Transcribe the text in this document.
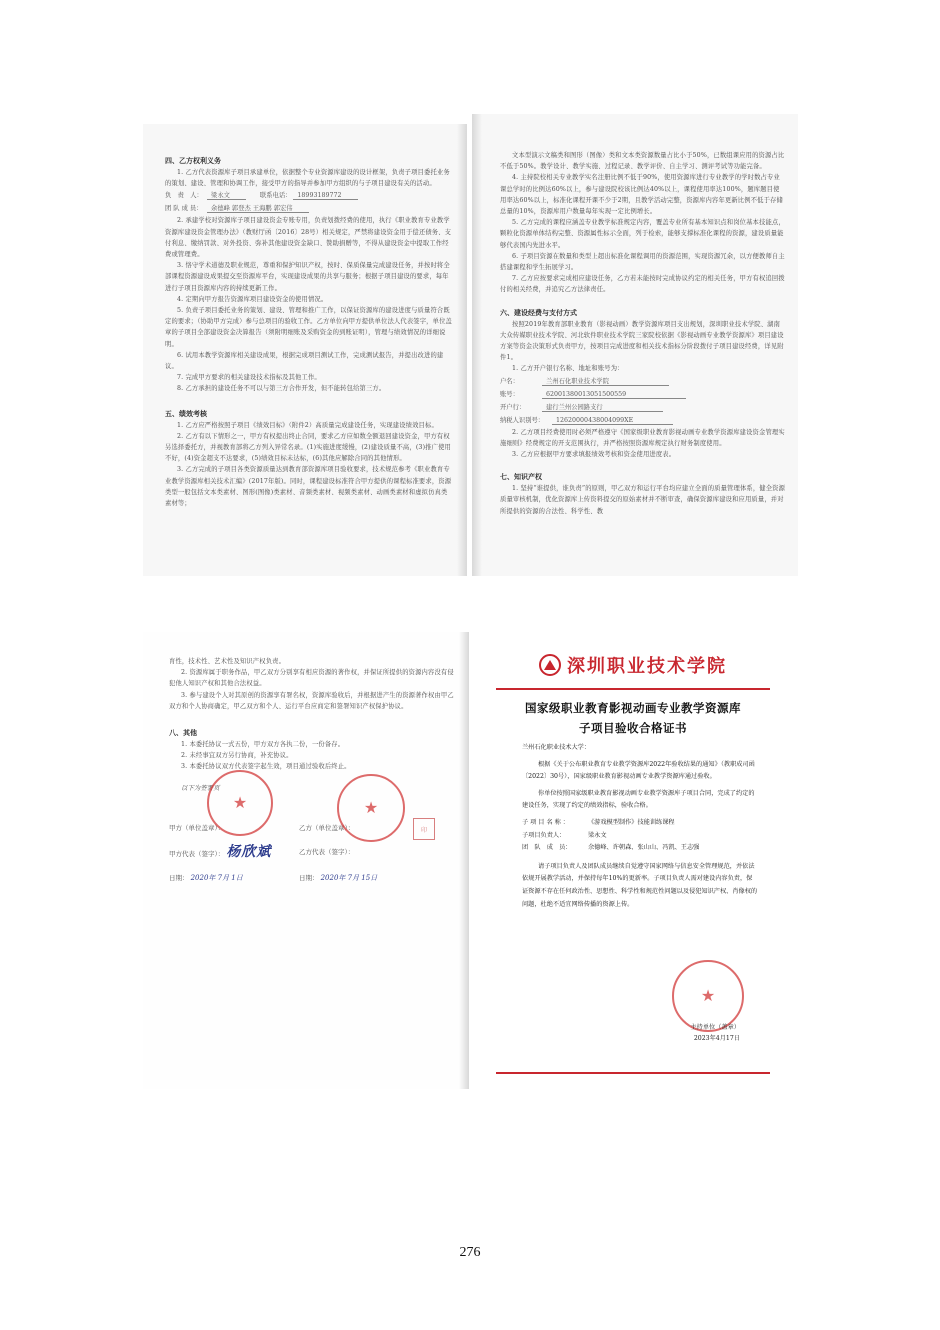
四、乙方权利义务
1. 乙方代表资源库子项目承建单位，依据整个专业资源库建设的设计框架，负责子项目委托业务的策划、建设、管理和协调工作，接受甲方的指导并参加甲方组织的与子项目建设有关的活动。
负　责　人： 梁永文	联系电话： 18993189772
团 队 成 员： 余德峰 郭登杰 王海鹏 郭宏伟
2. 承建学校对资源库子项目建设资金专账专用，负责划拨经费的使用，执行《职业教育专业教学资源库建设资金管理办法》（教财厅函〔2016〕28号）相关规定，严禁将建设资金用于偿还债务、支付利息、缴纳罚款、对外投资、弥补其他建设资金缺口、赞助捐赠等，不得从建设资金中提取工作经费或管理费。
3. 恪守学术道德及职业规范，尊重和保护知识产权，按时、保质保量完成建设任务，并按时将全部课程资源建设成果提交至资源库平台，实现建设成果的共享与服务；根据子项目建设的要求，每年进行子项目资源库内容的持续更新工作。
4. 定期向甲方报告资源库项目建设资金的使用情况。
5. 负责子项目委托业务的策划、建设、管理和推广工作，以保证资源库的建设进度与质量符合既定的要求；（协助甲方完成）参与总项目的验收工作。乙方单位向甲方提供单位法人代表签字，单位盖章的子项目全部建设资金决算报告（须附明细账及采购资金的到账证明），管理与绩效情况的详细说明。
6. 试用本教学资源库相关建设成果，根据完成项目测试工作，完成测试报告，并提出改进的建议。
7. 完成甲方要求的相关建设技术指标及其他工作。
8. 乙方承担的建设任务不可以与第三方合作开发，但不能转包给第三方。
五、绩效考核
1. 乙方应严格按照子项目《绩效目标》（附件2）高质量完成建设任务，实现建设绩效目标。
2. 乙方有以下情形之一，甲方有权提出终止合同，要求乙方应如数全额退回建设资金，甲方有权另选择委托方，并视教育部将乙方列入异常名录。(1)实施进度缓慢，(2)建设质量不高，(3)推广使用不好，(4)资金超支不达要求，(5)绩效目标未达标，(6)其他应解除合同的其他情形。
3. 乙方完成的子项目各类资源质量达到教育部资源库项目验收要求，技术规范参考《职业教育专业教学资源库相关技术汇编》(2017年版)。同时，课程建设标准符合甲方提供的课程标准要求，资源类型一般包括文本类素材、图形(图像)类素材、音频类素材、视频类素材、动画类素材和虚拟仿真类素材等；
文本型演示文稿类和图形（图像）类和文本类资源数量占比小于50%，已数组课应用的资源占比不低于50%。教学设计、教学实施、过程记录、教学评价、自主学习、测评考试等功能完备。
4. 主持院校相关专业教学实名注册比例不低于90%，使用资源库进行专业教学的学时数占专业课总学时的比例达60%以上，参与建设院校该比例达40%以上，课程使用率达100%，题库题目使用率达60%以上，标准化课程开课不少于2期，且教学活动完整，资源库内容年更新比例不低于存储总量的10%，资源库用户数量每年实现一定比例增长。
5. 乙方完成的课程应涵盖专业教学标准规定内容，覆盖专业所有基本知识点和岗位基本技能点，颗粒化资源单体结构完整、资源属性标示全面，列于检索，能够支撑标准化课程的资源，建设质量能够代表国内先进水平。
6. 子项目资源在数量和类型上超出标准化课程调用的资源范围，实现资源冗余，以方便教师自主搭建课程和学生拓展学习。
7. 乙方应按要求完成相应建设任务，乙方若未能按时完成协议约定的相关任务，甲方有权追回拨付的相关经费，并追究乙方法律责任。
六、建设经费与支付方式
按照2019年教育部职业教育（影视动画）教学资源库项目支出规划，深圳职业技术学院、湖南大众传媒职业技术学院、河北软件职业技术学院三家院校依据《影视动画专业教学资源库》项目建设方案等资金决策形式负责甲方，按项目完成进度和相关技术指标分阶段拨付子项目建设经费，详见附件1。
1. 乙方开户银行名称、地址和账号为：
户名：	兰州石化职业技术学院
账号：	62001380013051500559
开户行：	建行兰州公园路支行
纳税人识别号： 12620000438004099XE
2. 乙方项目经费使用时必须严格遵守《国家级职业教育影视动画专业教学资源库建设资金管理实施细则》经费规定的开支范围执行，并严格按照资源库规定执行财务制度使用。
3. 乙方应根据甲方要求填报绩效考核和资金使用进度表。
七、知识产权
1. 坚持“谁提供，谁负责”的原则，甲乙双方和运行平台均应建立全面的质量管理体系，健全资源质量审核机制，优化资源库上传资料提交的原始素材并不断审查，确保资源库建设和应用质量，并对所提供的资源的合法性、科学性、教
育性，技术性、艺术性及知识产权负责。
2. 资源库属于职务作品，甲乙双方分别享有相应资源的著作权，并保证所提供的资源内容没有侵犯他人知识产权和其他合法权益。
3. 参与建设个人对其原创的资源享有署名权，资源库验收后，并根据进产生的资源著作权由甲乙双方和个人协商确定，甲乙双方和个人、运行平台应商定和签署知识产权保护协议。
八、其他
1. 本委托协议一式五份，甲方双方各执二份，一份备存。
2. 未经事宜双方另行协商，补充协议。
3. 本委托协议双方代表签字起生效，项目通过验收后终止。
以下为签署页
甲方（单位盖章）：	乙方（单位盖章）：
甲方代表（签字）： 杨欣斌	乙方代表（签字）：
日期： 2020年 7月 1日	日期： 2020年 7月 15日
★	★
印
深圳职业技术学院
国家级职业教育影视动画专业教学资源库
子项目验收合格证书
兰州石化职业技术大学：
根据《关于公布职业教育专业教学资源库2022年验收结果的通知》（教职成司函〔2022〕30号），国家级职业教育影视动画专业教学资源库通过验收。
你单位按照国家级职业教育影视动画专业教学资源库子项目合同，完成了约定的建设任务，实现了约定的绩效指标，验收合格。
子 项 目 名 称 ：	《游戏模型制作》技能训练课程
子项目负责人：	梁永文
团　队　成　员：	余德峰、许朝森、张山山、冯凯、王志强
请子项目负责人及团队成员继续自觉遵守国家网络与信息安全管理规范，并依法依规开展教学活动，并保持每年10%的更新率。子项目负责人需对建设内容负责，保证资源不存在任何政治性、思想性、科学性和规范性问题以及侵犯知识产权、肖像权的问题，杜绝不适宜网络传播的资源上传。
★
主持单位（盖章）
2023年4月17日
276
